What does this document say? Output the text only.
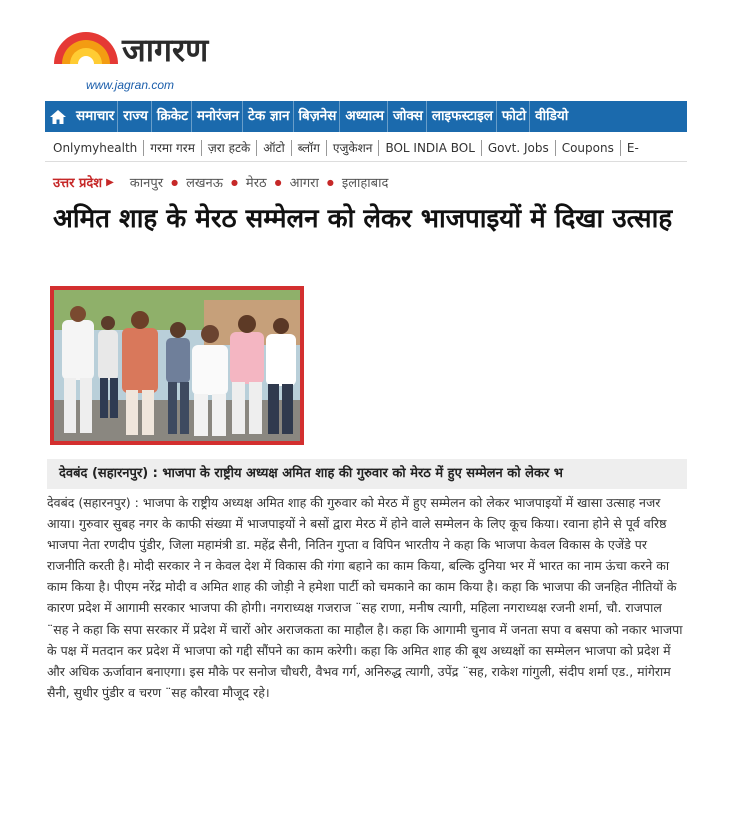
जागरण
www.jagran.com
समाचार राज्य क्रिकेट मनोरंजन टेक ज्ञान बिज़नेस अध्यात्म जोक्स लाइफस्टाइल फोटो वीडियो
Onlymyhealth	गरमा गरम	ज़रा हटके	ऑटो	ब्लॉग	एजुकेशन	BOL INDIA BOL	Govt. Jobs	Coupons	E-
उत्तर प्रदेश ▶ कानपुर ● लखनऊ ● मेरठ ● आगरा ● इलाहाबाद
अमित शाह के मेरठ सम्मेलन को लेकर भाजपाइयों में दिखा उत्साह
देवबंद (सहारनपुर) : भाजपा के राष्ट्रीय अध्यक्ष अमित शाह की गुरुवार को मेरठ में हुए सम्मेलन को लेकर भ

देवबंद (सहारनपुर) : भाजपा के राष्ट्रीय अध्यक्ष अमित शाह की गुरुवार को मेरठ में हुए सम्मेलन को लेकर भाजपाइयों में खासा उत्साह नजर आया। गुरुवार सुबह नगर के काफी संख्या में भाजपाइयों ने बसों द्वारा मेरठ में होने वाले सम्मेलन के लिए कूच किया। रवाना होने से पूर्व वरिष्ठ भाजपा नेता रणदीप पुंडीर, जिला महामंत्री डा. महेंद्र सैनी, नितिन गुप्ता व विपिन भारतीय ने कहा कि भाजपा केवल विकास के एजेंडे पर राजनीति करती है। मोदी सरकार ने न केवल देश में विकास की गंगा बहाने का काम किया, बल्कि दुनिया भर में भारत का नाम ऊंचा करने का काम किया है। पीएम नरेंद्र मोदी व अमित शाह की जोड़ी ने हमेशा पार्टी को चमकाने का काम किया है। कहा कि भाजपा की जनहित नीतियों के कारण प्रदेश में आगामी सरकार भाजपा की होगी। नगराध्यक्ष गजराज ¨सह राणा, मनीष त्यागी, महिला नगराध्यक्ष रजनी शर्मा, चौ. राजपाल ¨सह ने कहा कि सपा सरकार में प्रदेश में चारों ओर अराजकता का माहौल है। कहा कि आगामी चुनाव में जनता सपा व बसपा को नकार भाजपा के पक्ष में मतदान कर प्रदेश में भाजपा को गद्दी सौंपने का काम करेगी। कहा कि अमित शाह की बूथ अध्यक्षों का सम्मेलन भाजपा को प्रदेश में और अधिक ऊर्जावान बनाएगा। इस मौके पर सनोज चौधरी, वैभव गर्ग, अनिरुद्ध त्यागी, उपेंद्र ¨सह, राकेश गांगुली, संदीप शर्मा एड., मांगेराम सैनी, सुधीर पुंडीर व चरण ¨सह कौरवा मौजूद रहे।
